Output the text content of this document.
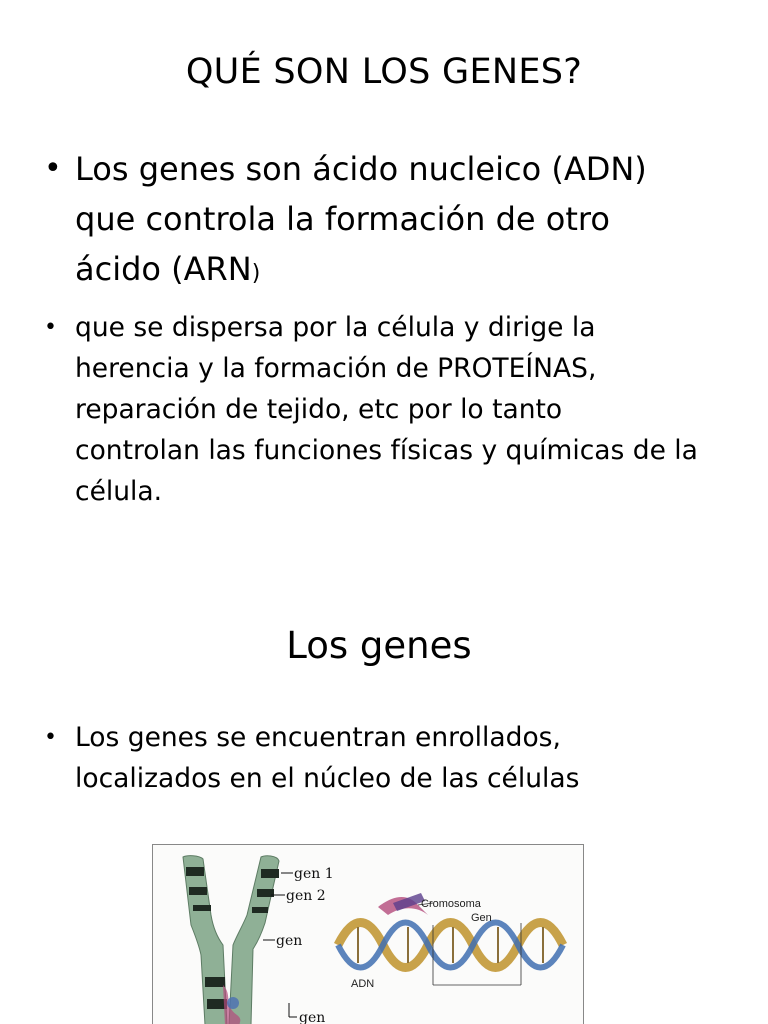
QUÉ SON LOS GENES?
• Los genes son ácido nucleico (ADN)
que controla la formación de otro
ácido (ARN)
• que se dispersa por la célula y dirige la
herencia y la formación de PROTEÍNAS,
reparación de tejido, etc por lo tanto
controlan las funciones físicas y químicas de la
célula.
Los genes
• Los genes se encuentran enrollados,
localizados en el núcleo de las células
gen 1
gen 2
gen
gen
Cromosoma
Gen
ADN
